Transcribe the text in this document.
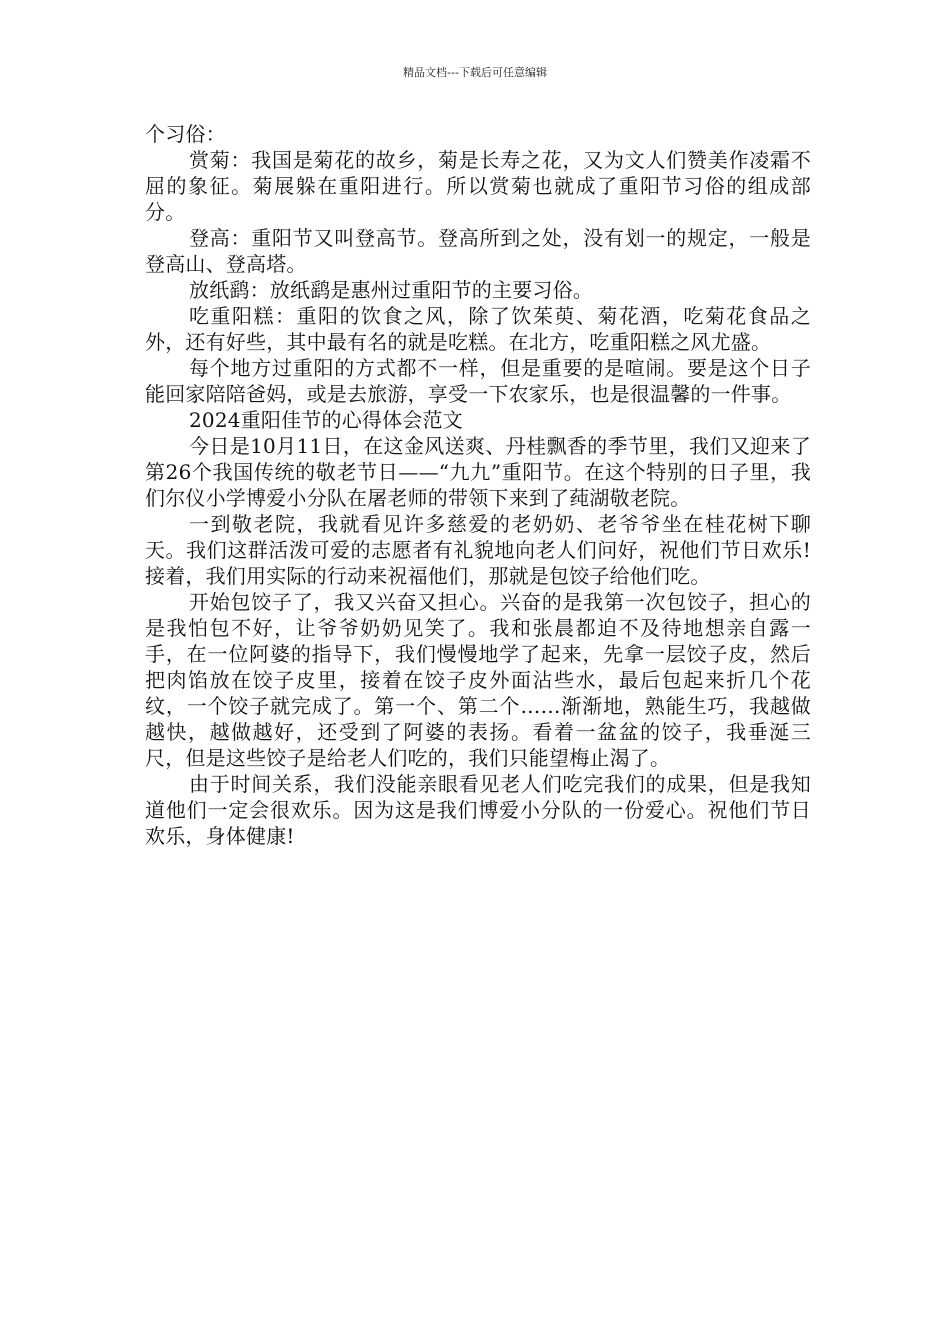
精品文档---下载后可任意编辑

个习俗：

赏菊：我国是菊花的故乡，菊是长寿之花，又为文人们赞美作凌霜不屈的象征。菊展躲在重阳进行。所以赏菊也就成了重阳节习俗的组成部分。

登高：重阳节又叫登高节。登高所到之处，没有划一的规定，一般是登高山、登高塔。

放纸鹞：放纸鹞是惠州过重阳节的主要习俗。

吃重阳糕：重阳的饮食之风，除了饮茱萸、菊花酒，吃菊花食品之外，还有好些，其中最有名的就是吃糕。在北方，吃重阳糕之风尤盛。

每个地方过重阳的方式都不一样，但是重要的是喧闹。要是这个日子能回家陪陪爸妈，或是去旅游，享受一下农家乐，也是很温馨的一件事。

2024重阳佳节的心得体会范文

今日是10月11日，在这金风送爽、丹桂飘香的季节里，我们又迎来了第26个我国传统的敬老节日——“九九”重阳节。在这个特别的日子里，我们尔仪小学博爱小分队在屠老师的带领下来到了莼湖敬老院。

一到敬老院，我就看见许多慈爱的老奶奶、老爷爷坐在桂花树下聊天。我们这群活泼可爱的志愿者有礼貌地向老人们问好，祝他们节日欢乐!接着，我们用实际的行动来祝福他们，那就是包饺子给他们吃。

开始包饺子了，我又兴奋又担心。兴奋的是我第一次包饺子，担心的是我怕包不好，让爷爷奶奶见笑了。我和张晨都迫不及待地想亲自露一手，在一位阿婆的指导下，我们慢慢地学了起来，先拿一层饺子皮，然后把肉馅放在饺子皮里，接着在饺子皮外面沾些水，最后包起来折几个花纹，一个饺子就完成了。第一个、第二个……渐渐地，熟能生巧，我越做越快，越做越好，还受到了阿婆的表扬。看着一盆盆的饺子，我垂涎三尺，但是这些饺子是给老人们吃的，我们只能望梅止渴了。

由于时间关系，我们没能亲眼看见老人们吃完我们的成果，但是我知道他们一定会很欢乐。因为这是我们博爱小分队的一份爱心。祝他们节日欢乐，身体健康!
